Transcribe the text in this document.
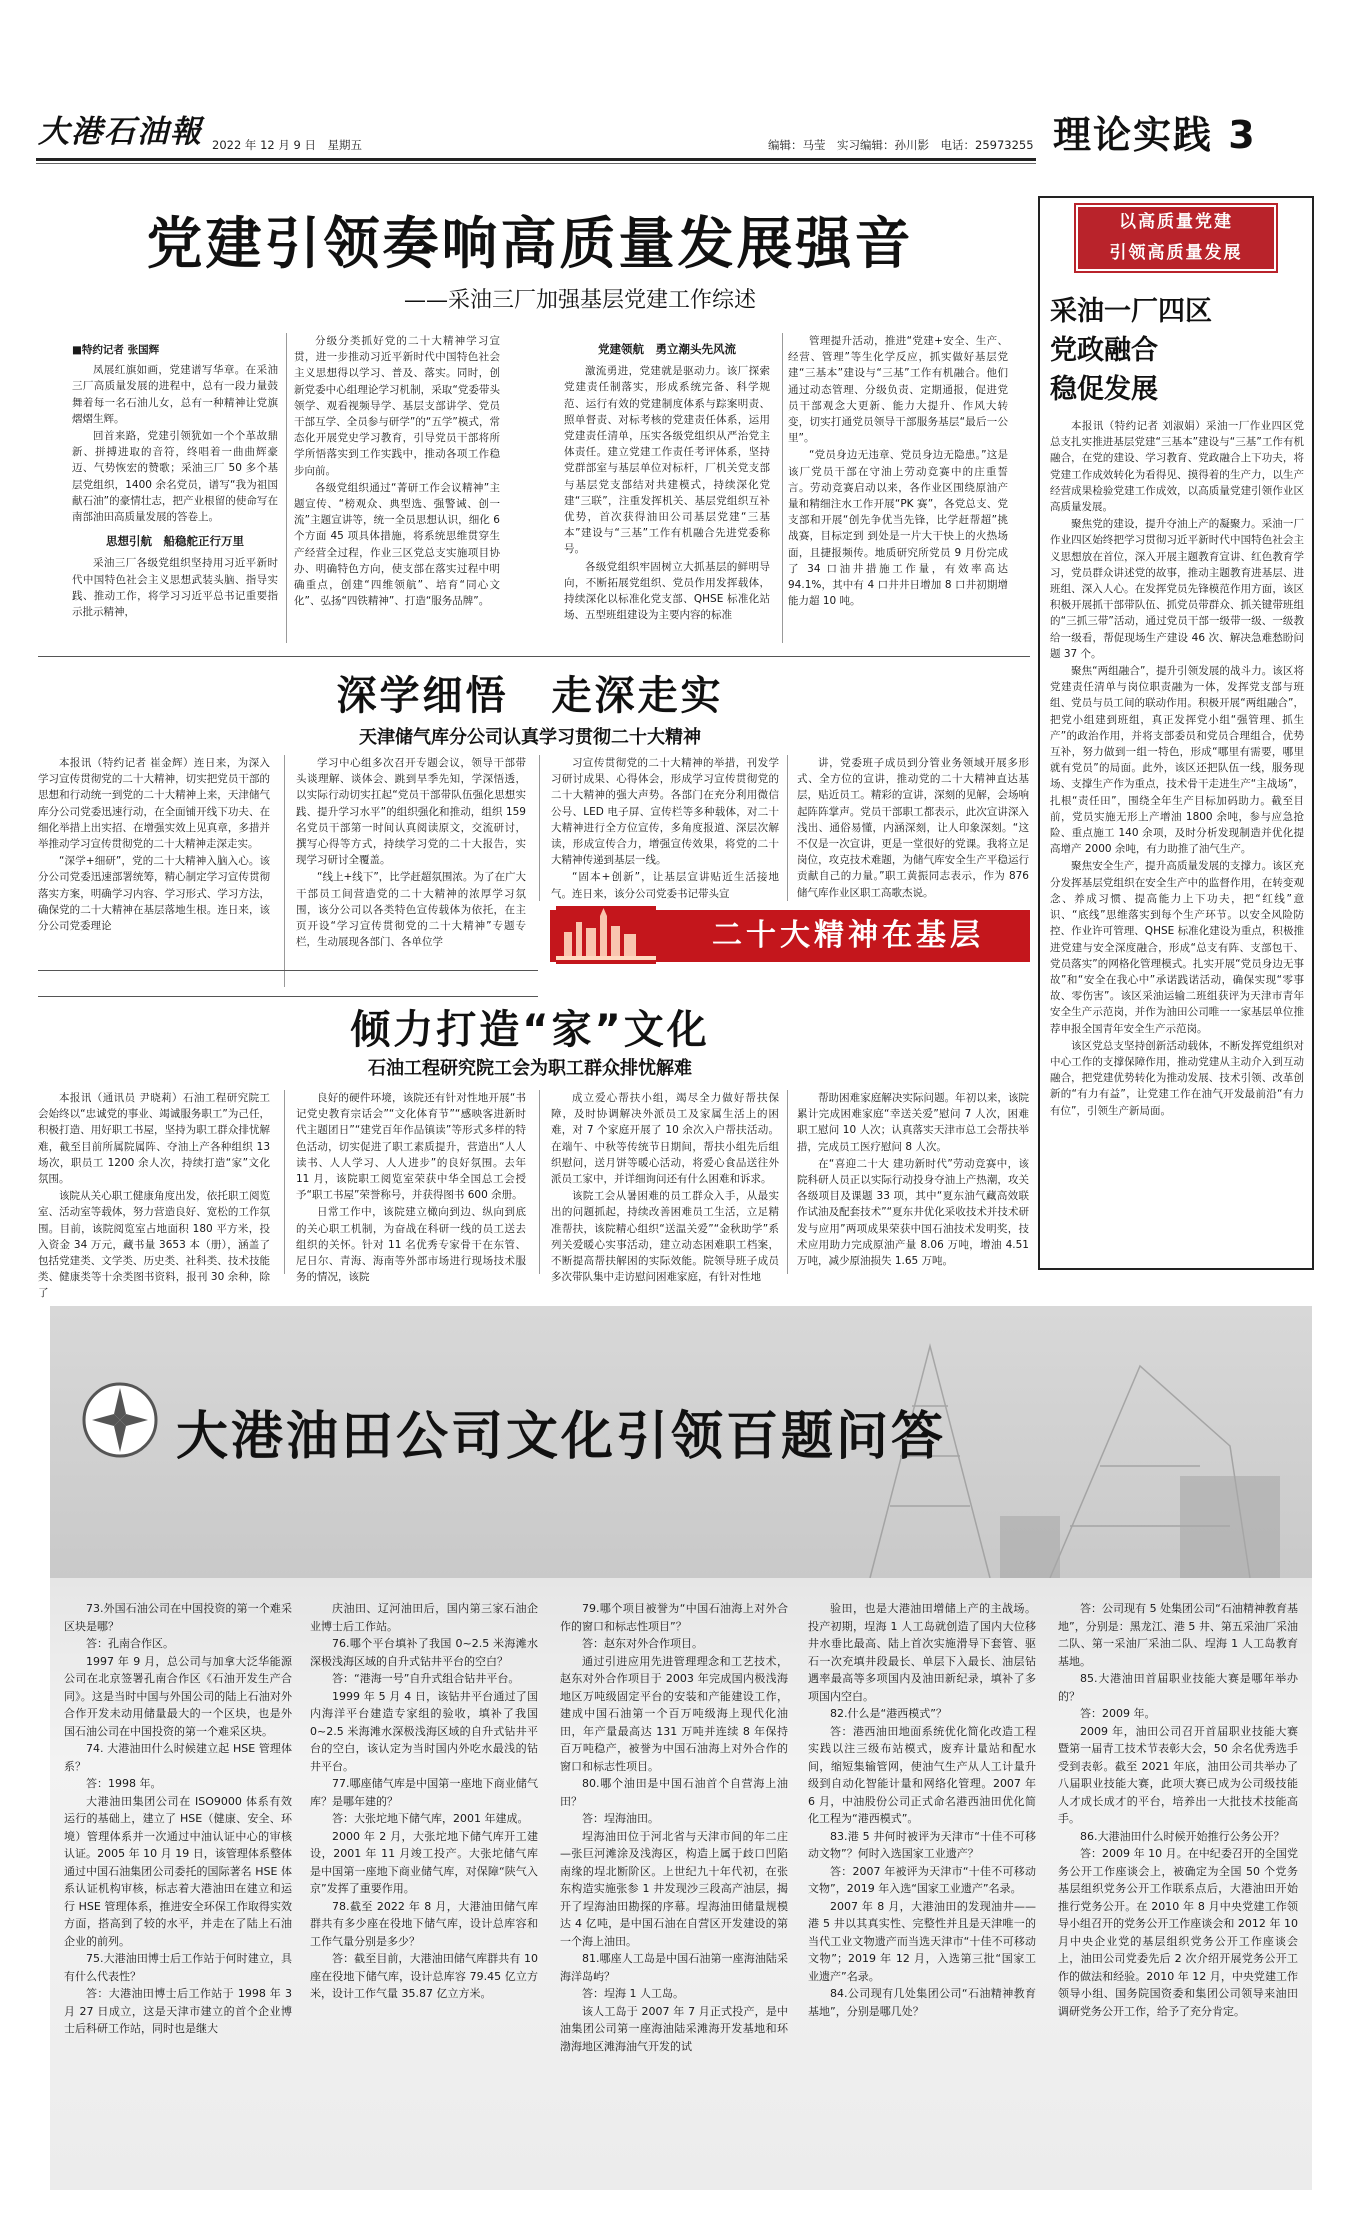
大港石油報 2022 年 12 月 9 日　星期五	编辑：马莹　实习编辑：孙川影　电话：25973255 理论实践 3
党建引领奏响高质量发展强音
——采油三厂加强基层党建工作综述

■特约记者 张国辉

凤展红旗如画，党建谱写华章。在采油三厂高质量发展的进程中，总有一段力量鼓舞着每一名石油儿女，总有一种精神让党旗熠熠生辉。

回首来路，党建引领犹如一个个革故鼎新、拼搏进取的音符，终唱着一曲曲辉豪迈、气势恢宏的赞歌；采油三厂 50 多个基层党组织，1400 余名党员，谱写“我为祖国献石油”的豪情壮志，把产业根留的使命写在南部油田高质量发展的答卷上。

思想引航　船稳舵正行万里

采油三厂各级党组织坚持用习近平新时代中国特色社会主义思想武装头脑、指导实践、推动工作，将学习习近平总书记重要指示批示精神，

分级分类抓好党的二十大精神学习宣贯，进一步推动习近平新时代中国特色社会主义思想得以学习、普及、落实。同时，创新党委中心组理论学习机制，采取“党委带头领学、观看视频导学、基层支部讲学、党员干部互学、全员参与研学”的“五学”模式，常态化开展党史学习教育，引导党员干部将所学所悟落实到工作实践中，推动各项工作稳步向前。

各级党组织通过“菁研工作会议精神”主题宣传、“榜观众、典型选、强警诫、创一流”主题宣讲等，统一全员思想认识，细化 6 个方面 45 项具体措施，将系统思维贯穿生产经营全过程，作业三区党总支实施项目协办、明确特色方向，使支部在落实过程中明确重点，创建“四维领航”、培育“同心文化”、弘扬“四铁精神”、打造“服务品牌”。

党建领航　勇立潮头先风流

激流勇进，党建就是驱动力。该厂探索党建责任制落实，形成系统完备、科学规范、运行有效的党建制度体系与踪案明责、照单督责、对标考核的党建责任体系，运用党建责任清单，压实各级党组织从严治党主体责任。建立党建工作责任考评体系，坚持党群部室与基层单位对标杆，厂机关党支部与基层党支部结对共建模式，持续深化党建“三联”，注重发挥机关、基层党组织互补优势，首次获得油田公司基层党建“三基本”建设与“三基”工作有机融合先进党委称号。

各级党组织牢固树立大抓基层的鲜明导向，不断拓展党组织、党员作用发挥载体，持续深化以标准化党支部、QHSE 标准化站场、五型班组建设为主要内容的标准

管理提升活动，推进“党建+安全、生产、经营、管理”等生化学反应，抓实做好基层党建“三基本”建设与“三基”工作有机融合。他们通过动态管理、分级负责、定期通报，促进党员干部观念大更新、能力大提升、作风大转变，切实打通党员领导干部服务基层“最后一公里”。

“党员身边无违章、党员身边无隐患。”这是该厂党员干部在守油上劳动竞赛中的庄重誓言。劳动竞赛启动以来，各作业区围绕原油产量和精细注水工作开展“PK 赛”，各党总支、党支部和开展“创先争优当先锋，比学赶帮超”挑战赛，目标定到 到处是一片大干快上的火热场面，且捷报频传。地质研究所党员 9 月份完成了 34 口油井措施工作量，有效率高达 94.1%，其中有 4 口井井日增加 8 口井初期增能力超 10 吨。

以高质量党建
引领高质量发展
采油一厂四区
党政融合
稳促发展

本报讯（特约记者 刘淑娟）采油一厂作业四区党总支扎实推进基层党建“三基本”建设与“三基”工作有机融合，在党的建设、学习教育、党政融合上下功夫，将党建工作成效转化为看得见、摸得着的生产力，以生产经营成果检验党建工作成效，以高质量党建引领作业区高质量发展。

聚焦党的建设，提升夺油上产的凝聚力。采油一厂作业四区始终把学习贯彻习近平新时代中国特色社会主义思想放在首位，深入开展主题教育宣讲、红色教育学习，党员群众讲述党的故事，推动主题教育进基层、进班组、深入人心。在发挥党员先锋模范作用方面，该区积极开展抓干部带队伍、抓党员带群众、抓关键带班组的“三抓三带”活动，通过党员干部一级带一级、一级教给一级看，帮促现场生产建设 46 次、解决急难愁盼问题 37 个。

聚焦“两组融合”，提升引领发展的战斗力。该区将党建责任清单与岗位职责融为一体，发挥党支部与班组、党员与员工间的联动作用。积极开展“两组融合”，把党小组建到班组，真正发挥党小组“强管理、抓生产”的政治作用，并将支部委员和党员合理组合，优势互补，努力做到一组一特色，形成“哪里有需要，哪里就有党员”的局面。此外，该区还把队伍一线，服务现场、支撑生产作为重点，技术骨干走进生产“主战场”，扎根“责任田”，围绕全年生产目标加码助力。截至目前，党员实施无形上产增油 1800 余吨，参与应急抢险、重点施工 140 余项，及时分析发现制造并优化提高增产 2000 余吨，有力助推了油气生产。

聚焦安全生产，提升高质量发展的支撑力。该区充分发挥基层党组织在安全生产中的监督作用，在转变观念、养成习惯、提高能力上下功夫，把“红线”意识、“底线”思维落实到每个生产环节。以安全风险防控、作业许可管理、QHSE 标准化建设为重点，积极推进党建与安全深度融合，形成“总支有阵、支部包干、党员落实”的网格化管理模式。扎实开展“党员身边无事故”和“安全在我心中”承诺践诺活动，确保实现“零事故、零伤害”。该区采油运输二班组获评为天津市青年安全生产示范岗，并作为油田公司唯一一家基层单位推荐申报全国青年安全生产示范岗。

该区党总支坚持创新活动载体，不断发挥党组织对中心工作的支撑保障作用，推动党建从主动介入到互动融合，把党建优势转化为推动发展、技术引领、改革创新的“有力有益”，让党建工作在油气开发最前沿“有力有位”，引领生产新局面。

深学细悟　走深走实
天津储气库分公司认真学习贯彻二十大精神

本报讯（特约记者 崔金辉）连日来，为深入学习宣传贯彻党的二十大精神，切实把党员干部的思想和行动统一到党的二十大精神上来，天津储气库分公司党委迅速行动，在全面铺开线下功夫、在细化举措上出实招、在增强实效上见真章，多措并举推动学习宣传贯彻党的二十大精神走深走实。

“深学+细研”，党的二十大精神入脑入心。该分公司党委迅速部署统筹，精心制定学习宣传贯彻落实方案，明确学习内容、学习形式、学习方法，确保党的二十大精神在基层落地生根。连日来，该分公司党委理论

学习中心组多次召开专题会议，领导干部带头谈理解、谈体会、跳到旱季先知，学深悟透，以实际行动切实扛起“党员干部带队伍强化思想实践、提升学习水平”的组织强化和推动，组织 159 名党员干部第一时间认真阅读原文，交流研讨，撰写心得等方式，持续学习党的二十大报告，实现学习研讨全覆盖。

“线上+线下”，比学赶超氛围浓。为了在广大干部员工间营造党的二十大精神的浓厚学习氛围，该分公司以各类特色宣传载体为依托，在主页开设“学习宣传贯彻党的二十大精神”专题专栏，生动展现各部门、各单位学

习宣传贯彻党的二十大精神的举措，刊发学习研讨成果、心得体会，形成学习宣传贯彻党的二十大精神的强大声势。各部门在充分利用微信公号、LED 电子屏、宣传栏等多种载体，对二十大精神进行全方位宣传，多角度报道、深层次解读，形成宣传合力，增强宣传效果，将党的二十大精神传递到基层一线。

“固本+创新”，让基层宣讲贴近生活接地气。连日来，该分公司党委书记带头宣

讲，党委班子成员到分管业务领域开展多形式、全方位的宣讲，推动党的二十大精神直达基层，贴近员工。精彩的宣讲，深刻的见解，会场响起阵阵掌声。党员干部职工都表示，此次宣讲深入浅出、通俗易懂，内涵深刻，让人印象深刻。“这不仅是一次宣讲，更是一堂很好的党课。我将立足岗位，攻克技术难题，为储气库安全生产平稳运行贡献自己的力量。”职工黄振同志表示，作为 876 储气库作业区职工高歌杰说。

二十大精神在基层
倾力打造“家”文化
石油工程研究院工会为职工群众排忧解难

本报讯（通讯员 尹晓莉）石油工程研究院工会始终以“忠诚党的事业、竭诚服务职工”为己任，积极打造、用好职工书屋，坚持为职工群众排忧解难，截至目前所属院属阵、夺油上产各种组织 13 场次，职员工 1200 余人次，持续打造“家”文化氛围。

该院从关心职工健康角度出发，依托职工阅览室、活动室等载体，努力营造良好、宽松的工作氛围。目前，该院阅览室占地面积 180 平方米，投入资金 34 万元，藏书量 3653 本（册），涵盖了包括党建类、文学类、历史类、社科类、技术技能类、健康类等十余类图书资料，报刊 30 余种，除了

良好的硬件环境，该院还有针对性地开展“书记党史教育宗话会”“文化体育节”“感映客进新时代主题团日”“建党百年作品镇读”等形式多样的特色活动，切实促进了职工素质提升，营造出“人人读书、人人学习、人人进步”的良好氛围。去年 11 月，该院职工阅览室荣获中华全国总工会授予“职工书屋”荣誉称号，并获得图书 600 余册。

日常工作中，该院建立橄向到边、纵向到底的关心职工机制，为奋战在科研一线的员工送去组织的关怀。针对 11 名优秀专家骨干在东管、尼日尔、青海、海南等外部市场进行现场技术服务的情况，该院

成立爱心帮扶小组，竭尽全力做好帮扶保障，及时协调解决外派员工及家属生活上的困难，对 7 个家庭开展了 10 余次入户帮扶活动。在端午、中秋等传统节日期间，帮扶小组先后组织慰问，送月饼等暖心活动，将爱心食品送往外派员工家中，并详细询问还有什么困难和诉求。

该院工会从暑困难的员工群众入手，从最实出的问题抓起，持续改善困难员工生活，立足精准帮扶，该院精心组织“送温关爱”“金秋助学”系列关爱暖心实事活动，建立动态困难职工档案，不断提高帮扶解困的实际效能。院领导班子成员多次带队集中走访慰问困难家庭，有针对性地

帮助困难家庭解决实际问题。年初以来，该院累计完成困难家庭“幸送关爱”慰问 7 人次，困难职工慰问 10 人次；认真落实天津市总工会帮扶举措，完成员工医疗慰问 8 人次。

在“喜迎二十大 建功新时代”劳动竞赛中，该院科研人员正以实际行动投身夺油上产热潮，攻关各级项目及课题 33 项，其中“夏东油气藏高效联作试油及配套技术”“夏东井优化采收技术并技术研发与应用”两项成果荣获中国石油技术发明奖，技术应用助力完成原油产量 8.06 万吨，增油 4.51 万吨，减少原油损失 1.65 万吨。

大港油田公司文化引领百题问答

73.外国石油公司在中国投资的第一个难采区块是哪？

答：孔南合作区。

1997 年 9 月，总公司与加拿大泛华能源公司在北京签署孔南合作区《石油开发生产合同》。这是当时中国与外国公司的陆上石油对外合作开发未动用储量最大的一个区块，也是外国石油公司在中国投资的第一个难采区块。

74. 大港油田什么时候建立起 HSE 管理体系？

答：1998 年。

大港油田集团公司在 ISO9000 体系有效运行的基础上，建立了 HSE（健康、安全、环境）管理体系并一次通过中油认证中心的审核认证。2005 年 10 月 19 日，该管理体系整体通过中国石油集团公司委托的国际著名 HSE 体系认证机构审核，标志着大港油田在建立和运行 HSE 管理体系，推进安全环保工作取得实效方面，搭高到了较的水平，并走在了陆上石油企业的前列。

75.大港油田博士后工作站于何时建立，具有什么代表性？

答：大港油田博士后工作站于 1998 年 3 月 27 日成立，这是天津市建立的首个企业博士后科研工作站，同时也是继大

庆油田、辽河油田后，国内第三家石油企业博士后工作站。

76.哪个平台填补了我国 0~2.5 米海滩水深极浅海区域的自升式钻井平台的空白？

答：“港海一号”自升式组合钻井平台。

1999 年 5 月 4 日，该钻井平台通过了国内海洋平台建造专家组的验收，填补了我国 0~2.5 米海滩水深极浅海区域的自升式钻井平台的空白，该认定为当时国内外吃水最浅的钻井平台。

77.哪座储气库是中国第一座地下商业储气库？是哪年建的？

答：大张坨地下储气库，2001 年建成。

2000 年 2 月，大张坨地下储气库开工建设，2001 年 11 月竣工投产。大张坨储气库是中国第一座地下商业储气库，对保障“陕气入京”发挥了重要作用。

78.截至 2022 年 8 月，大港油田储气库群共有多少座在役地下储气库，设计总库容和工作气量分别是多少？

答：截至目前，大港油田储气库群共有 10 座在役地下储气库，设计总库容 79.45 亿立方米，设计工作气量 35.87 亿立方米。

79.哪个项目被誉为“中国石油海上对外合作的窗口和标志性项目”？

答：赵东对外合作项目。

通过引进应用先进管理理念和工艺技术，赵东对外合作项目于 2003 年完成国内极浅海地区万吨级固定平台的安装和产能建设工作，建成中国石油第一个百万吨级海上现代化油田，年产量最高达 131 万吨并连续 8 年保持百万吨稳产，被誉为中国石油海上对外合作的窗口和标志性项目。

80.哪个油田是中国石油首个自营海上油田？

答：埕海油田。

埕海油田位于河北省与天津市间的年二庄—张巨河滩涂及浅海区，构造上属于歧口凹陷南缘的埕北断阶区。上世纪九十年代初，在张东构造实施张参 1 井发现沙三段高产油层，揭开了埕海油田勘探的序幕。埕海油田储量规模达 4 亿吨，是中国石油在自营区开发建设的第一个海上油田。

81.哪座人工岛是中国石油第一座海油陆采海洋岛屿？

答：埕海 1 人工岛。

该人工岛于 2007 年 7 月正式投产，是中油集团公司第一座海油陆采滩海开发基地和环渤海地区滩海油气开发的试

验田，也是大港油田增储上产的主战场。投产初期，埕海 1 人工岛就创造了国内大位移井水垂比最高、陆上首次实施滑导下套管、驱石一次充填井段最长、单层下入最长、油层钻遇率最高等多项国内及油田新纪录，填补了多项国内空白。

82.什么是“港西模式”？

答：港西油田地面系统优化简化改造工程实践以注三级布站模式，废弃计量站和配水间，缩短集输管网，使油气生产从人工计量升级到自动化智能计量和网络化管理。2007 年 6 月，中油股份公司正式命名港西油田优化简化工程为“港西模式”。

83.港 5 井何时被评为天津市“十佳不可移动文物”？何时入选国家工业遗产？

答：2007 年被评为天津市“十佳不可移动文物”，2019 年入选“国家工业遗产”名录。

2007 年 8 月，大港油田的发现油井——港 5 井以其真实性、完整性并且是天津唯一的当代工业文物遗产而当选天津市“十佳不可移动文物”；2019 年 12 月，入选第三批“国家工业遗产”名录。

84.公司现有几处集团公司“石油精神教育基地”，分别是哪几处？

答：公司现有 5 处集团公司“石油精神教育基地”，分别是：黑龙江、港 5 井、第五采油厂采油二队、第一采油厂采油二队、埕海 1 人工岛教育基地。

85.大港油田首届职业技能大赛是哪年举办的？

答：2009 年。

2009 年，油田公司召开首届职业技能大赛暨第一届青工技术节表彰大会，50 余名优秀选手受到表彰。截至 2021 年底，油田公司共举办了八届职业技能大赛，此项大赛已成为公司级技能人才成长成才的平台，培养出一大批技术技能高手。

86.大港油田什么时候开始推行公务公开？

答：2009 年 10 月。在中纪委召开的全国党务公开工作座谈会上，被确定为全国 50 个党务基层组织党务公开工作联系点后，大港油田开始推行党务公开。在 2010 年 8 月中央党建工作领导小组召开的党务公开工作座谈会和 2012 年 10 月中央企业党的基层组织党务公开工作座谈会上，油田公司党委先后 2 次介绍开展党务公开工作的做法和经验。2010 年 12 月，中央党建工作领导小组、国务院国资委和集团公司领导来油田调研党务公开工作，给予了充分肯定。
